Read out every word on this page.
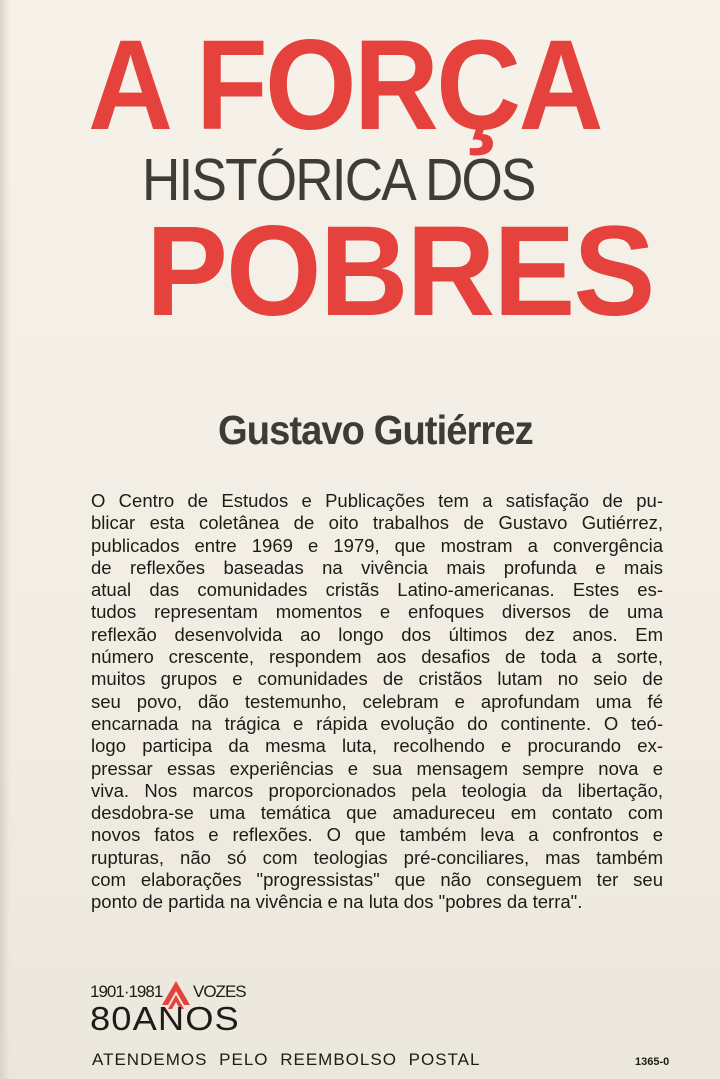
A FORÇA
HISTÓRICA DOS
POBRES
Gustavo Gutiérrez
O Centro de Estudos e Publicações tem a satisfação de pu-
blicar esta coletânea de oito trabalhos de Gustavo Gutiérrez,
publicados entre 1969 e 1979, que mostram a convergência
de reflexões baseadas na vivência mais profunda e mais
atual das comunidades cristãs Latino-americanas. Estes es-
tudos representam momentos e enfoques diversos de uma
reflexão desenvolvida ao longo dos últimos dez anos. Em
número crescente, respondem aos desafios de toda a sorte,
muitos grupos e comunidades de cristãos lutam no seio de
seu povo, dão testemunho, celebram e aprofundam uma fé
encarnada na trágica e rápida evolução do continente. O teó-
logo participa da mesma luta, recolhendo e procurando ex-
pressar essas experiências e sua mensagem sempre nova e
viva. Nos marcos proporcionados pela teologia da libertação,
desdobra-se uma temática que amadureceu em contato com
novos fatos e reflexões. O que também leva a confrontos e
rupturas, não só com teologias pré-conciliares, mas também
com elaborações "progressistas" que não conseguem ter seu
ponto de partida na vivência e na luta dos "pobres da terra".
1901·1981 VOZES
80ANOS
ATENDEMOS PELO REEMBOLSO POSTAL	1365-0
